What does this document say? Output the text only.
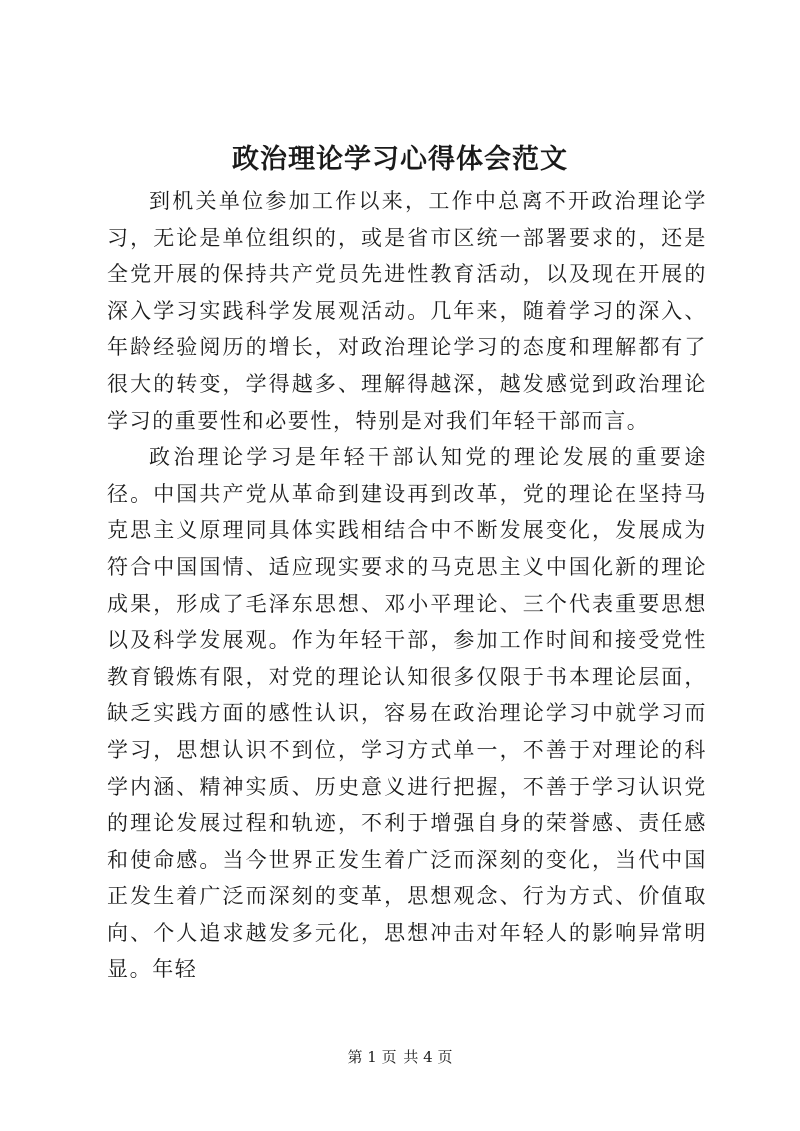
政治理论学习心得体会范文

到机关单位参加工作以来，工作中总离不开政治理论学习，无论是单位组织的，或是省市区统一部署要求的，还是全党开展的保持共产党员先进性教育活动，以及现在开展的深入学习实践科学发展观活动。几年来，随着学习的深入、年龄经验阅历的增长，对政治理论学习的态度和理解都有了很大的转变，学得越多、理解得越深，越发感觉到政治理论学习的重要性和必要性，特别是对我们年轻干部而言。

政治理论学习是年轻干部认知党的理论发展的重要途径。中国共产党从革命到建设再到改革，党的理论在坚持马克思主义原理同具体实践相结合中不断发展变化，发展成为符合中国国情、适应现实要求的马克思主义中国化新的理论成果，形成了毛泽东思想、邓小平理论、三个代表重要思想以及科学发展观。作为年轻干部，参加工作时间和接受党性教育锻炼有限，对党的理论认知很多仅限于书本理论层面，缺乏实践方面的感性认识，容易在政治理论学习中就学习而学习，思想认识不到位，学习方式单一，不善于对理论的科学内涵、精神实质、历史意义进行把握，不善于学习认识党的理论发展过程和轨迹，不利于增强自身的荣誉感、责任感和使命感。当今世界正发生着广泛而深刻的变化，当代中国正发生着广泛而深刻的变革，思想观念、行为方式、价值取向、个人追求越发多元化，思想冲击对年轻人的影响异常明显。年轻

第 1 页 共 4 页
